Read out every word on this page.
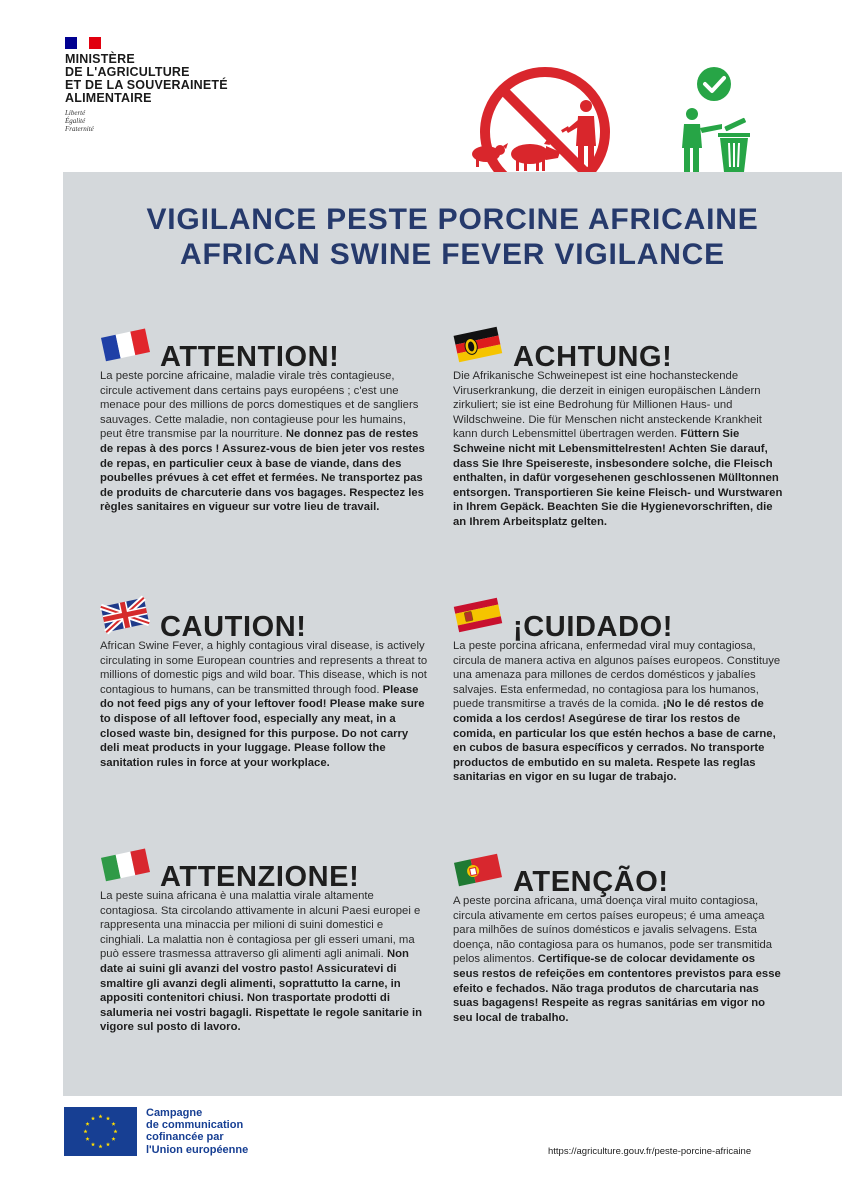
MINISTÈRE
DE L'AGRICULTURE
ET DE LA SOUVERAINETÉ
ALIMENTAIRE
Liberté
Égalité
Fraternité
VIGILANCE PESTE PORCINE AFRICAINE
AFRICAN SWINE FEVER VIGILANCE
ATTENTION!
La peste porcine africaine, maladie virale très contagieuse, circule activement dans certains pays européens ; c'est une menace pour des millions de porcs domestiques et de sangliers sauvages. Cette maladie, non contagieuse pour les humains, peut être transmise par la nourriture. Ne donnez pas de restes de repas à des porcs ! Assurez-vous de bien jeter vos restes de repas, en particulier ceux à base de viande, dans des poubelles prévues à cet effet et fermées. Ne transportez pas de produits de charcuterie dans vos bagages. Respectez les règles sanitaires en vigueur sur votre lieu de travail.
ACHTUNG!
Die Afrikanische Schweinepest ist eine hochansteckende Viruserkrankung, die derzeit in einigen europäischen Ländern zirkuliert; sie ist eine Bedrohung für Millionen Haus- und Wildschweine. Die für Menschen nicht ansteckende Krankheit kann durch Lebensmittel übertragen werden. Füttern Sie Schweine nicht mit Lebensmittelresten! Achten Sie darauf, dass Sie Ihre Speisereste, insbesondere solche, die Fleisch enthalten, in dafür vorgesehenen geschlossenen Mülltonnen entsorgen. Transportieren Sie keine Fleisch- und Wurstwaren in Ihrem Gepäck. Beachten Sie die Hygienevorschriften, die an Ihrem Arbeitsplatz gelten.
CAUTION!
African Swine Fever, a highly contagious viral disease, is actively circulating in some European countries and represents a threat to millions of domestic pigs and wild boar. This disease, which is not contagious to humans, can be transmitted through food. Please do not feed pigs any of your leftover food! Please make sure to dispose of all leftover food, especially any meat, in a closed waste bin, designed for this purpose. Do not carry deli meat products in your luggage. Please follow the sanitation rules in force at your workplace.
¡CUIDADO!
La peste porcina africana, enfermedad viral muy contagiosa, circula de manera activa en algunos países europeos. Constituye una amenaza para millones de cerdos domésticos y jabalíes salvajes. Esta enfermedad, no contagiosa para los humanos, puede transmitirse a través de la comida. ¡No le dé restos de comida a los cerdos! Asegúrese de tirar los restos de comida, en particular los que estén hechos a base de carne, en cubos de basura específicos y cerrados. No transporte productos de embutido en su maleta. Respete las reglas sanitarias en vigor en su lugar de trabajo.
ATTENZIONE!
La peste suina africana è una malattia virale altamente contagiosa. Sta circolando attivamente in alcuni Paesi europei e rappresenta una minaccia per milioni di suini domestici e cinghiali. La malattia non è contagiosa per gli esseri umani, ma può essere trasmessa attraverso gli alimenti agli animali. Non date ai suini gli avanzi del vostro pasto! Assicuratevi di smaltire gli avanzi degli alimenti, soprattutto la carne, in appositi contenitori chiusi. Non trasportate prodotti di salumeria nei vostri bagagli. Rispettate le regole sanitarie in vigore sul posto di lavoro.
ATENÇÃO!
A peste porcina africana, uma doença viral muito contagiosa, circula ativamente em certos países europeus; é uma ameaça para milhões de suínos domésticos e javalis selvagens. Esta doença, não contagiosa para os humanos, pode ser transmitida pelos alimentos. Certifique-se de colocar devidamente os seus restos de refeições em contentores previstos para esse efeito e fechados. Não traga produtos de charcutaria nas suas bagagens! Respeite as regras sanitárias em vigor no seu local de trabalho.
Campagne
de communication
cofinancée par
l'Union européenne	https://agriculture.gouv.fr/peste-porcine-africaine
